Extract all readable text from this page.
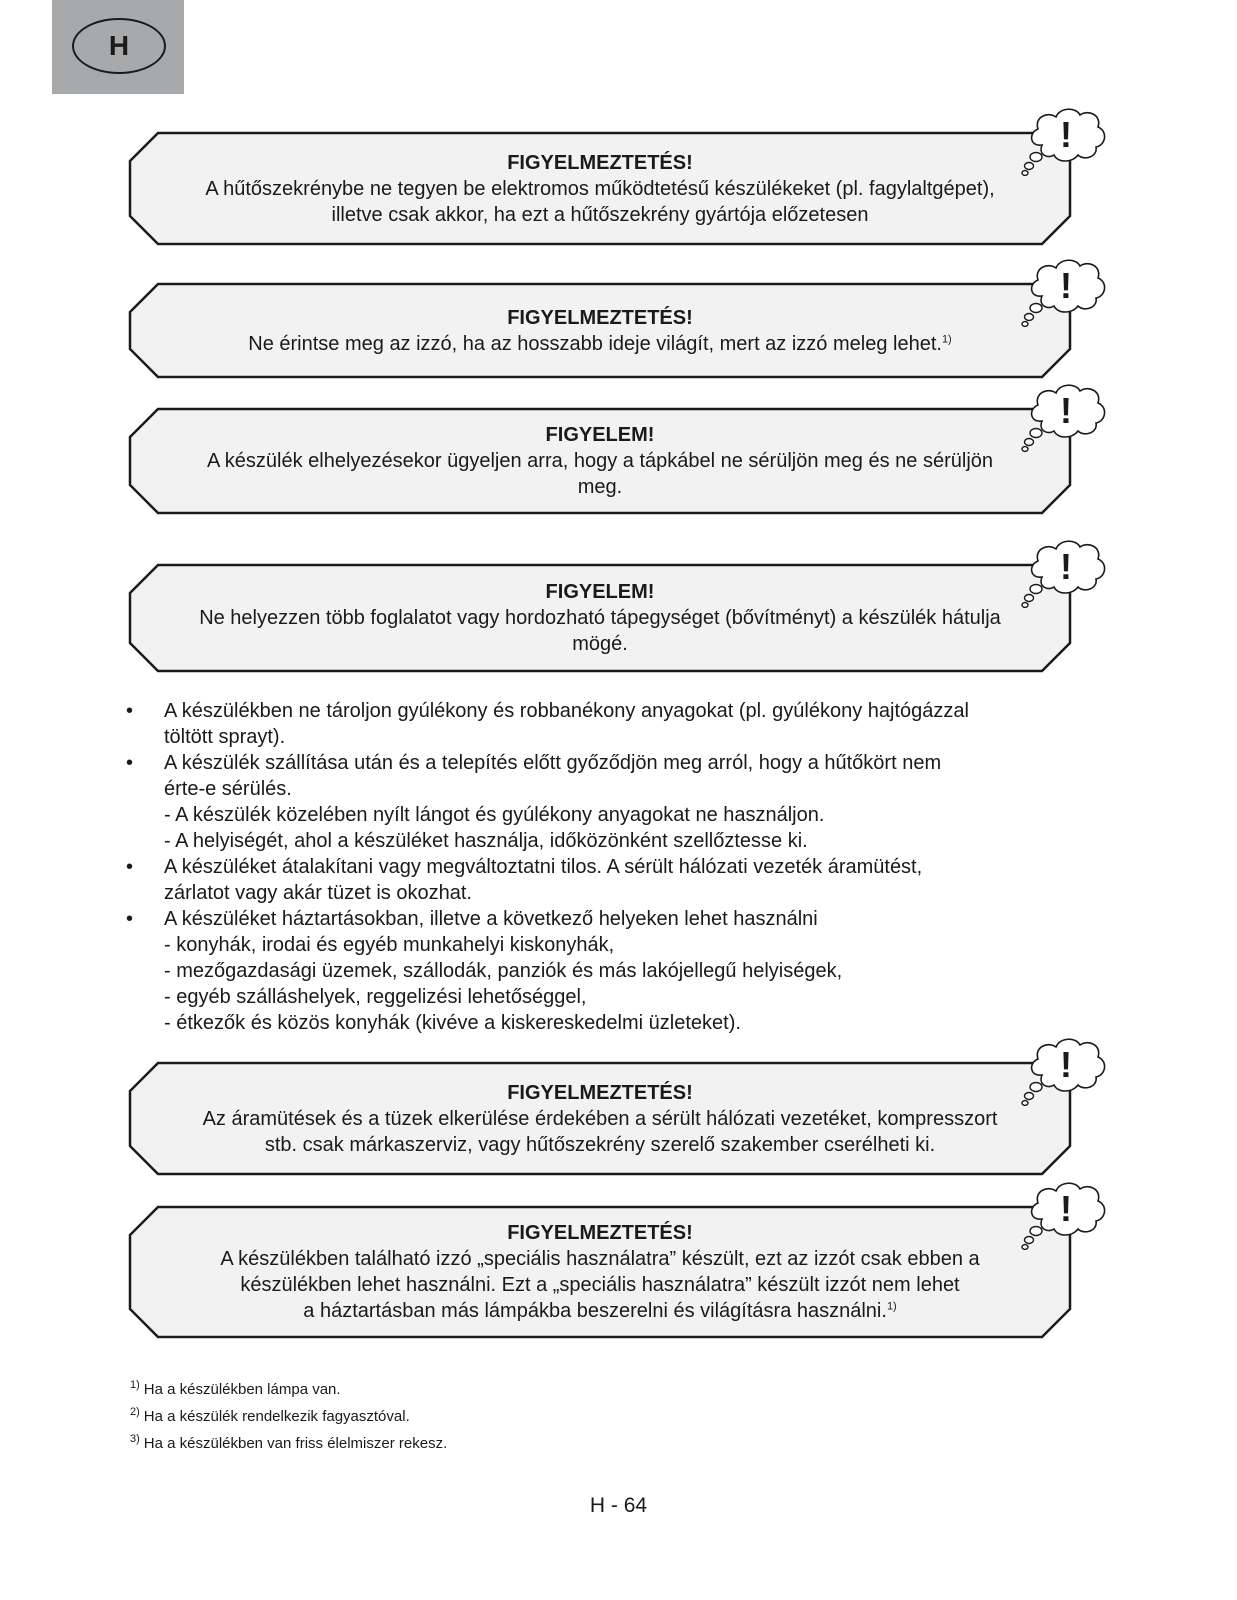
H
FIGYELMEZTETÉS!
A hűtőszekrénybe ne tegyen be elektromos működtetésű készülékeket (pl. fagylaltgépet),
illetve csak akkor, ha ezt a hűtőszekrény gyártója előzetesen
!
FIGYELMEZTETÉS!
Ne érintse meg az izzó, ha az hosszabb ideje világít, mert az izzó meleg lehet.$^{1)}$
!
FIGYELEM!
A készülék elhelyezésekor ügyeljen arra, hogy a tápkábel ne sérüljön meg és ne sérüljön
meg.
!
FIGYELEM!
Ne helyezzen több foglalatot vagy hordozható tápegységet (bővítményt) a készülék hátulja
mögé.
!
• A készülékben ne tároljon gyúlékony és robbanékony anyagokat (pl. gyúlékony hajtógázzal
töltött sprayt).
• A készülék szállítása után és a telepítés előtt győződjön meg arról, hogy a hűtőkört nem
érte-e sérülés.
- A készülék közelében nyílt lángot és gyúlékony anyagokat ne használjon.
- A helyiségét, ahol a készüléket használja, időközönként szellőztesse ki.
• A készüléket átalakítani vagy megváltoztatni tilos. A sérült hálózati vezeték áramütést,
zárlatot vagy akár tüzet is okozhat.
• A készüléket háztartásokban, illetve a következő helyeken lehet használni
- konyhák, irodai és egyéb munkahelyi kiskonyhák,
- mezőgazdasági üzemek, szállodák, panziók és más lakójellegű helyiségek,
- egyéb szálláshelyek, reggelizési lehetőséggel,
- étkezők és közös konyhák (kivéve a kiskereskedelmi üzleteket).
FIGYELMEZTETÉS!
Az áramütések és a tüzek elkerülése érdekében a sérült hálózati vezetéket, kompresszort
stb. csak márkaszerviz, vagy hűtőszekrény szerelő szakember cserélheti ki.
!
FIGYELMEZTETÉS!
A készülékben található izzó „speciális használatra” készült, ezt az izzót csak ebben a
készülékben lehet használni. Ezt a „speciális használatra” készült izzót nem lehet
a háztartásban más lámpákba beszerelni és világításra használni.$^{1)}$
!
$^{1)}$ Ha a készülékben lámpa van.
$^{2)}$ Ha a készülék rendelkezik fagyasztóval.
$^{3)}$ Ha a készülékben van friss élelmiszer rekesz.
H - 64
